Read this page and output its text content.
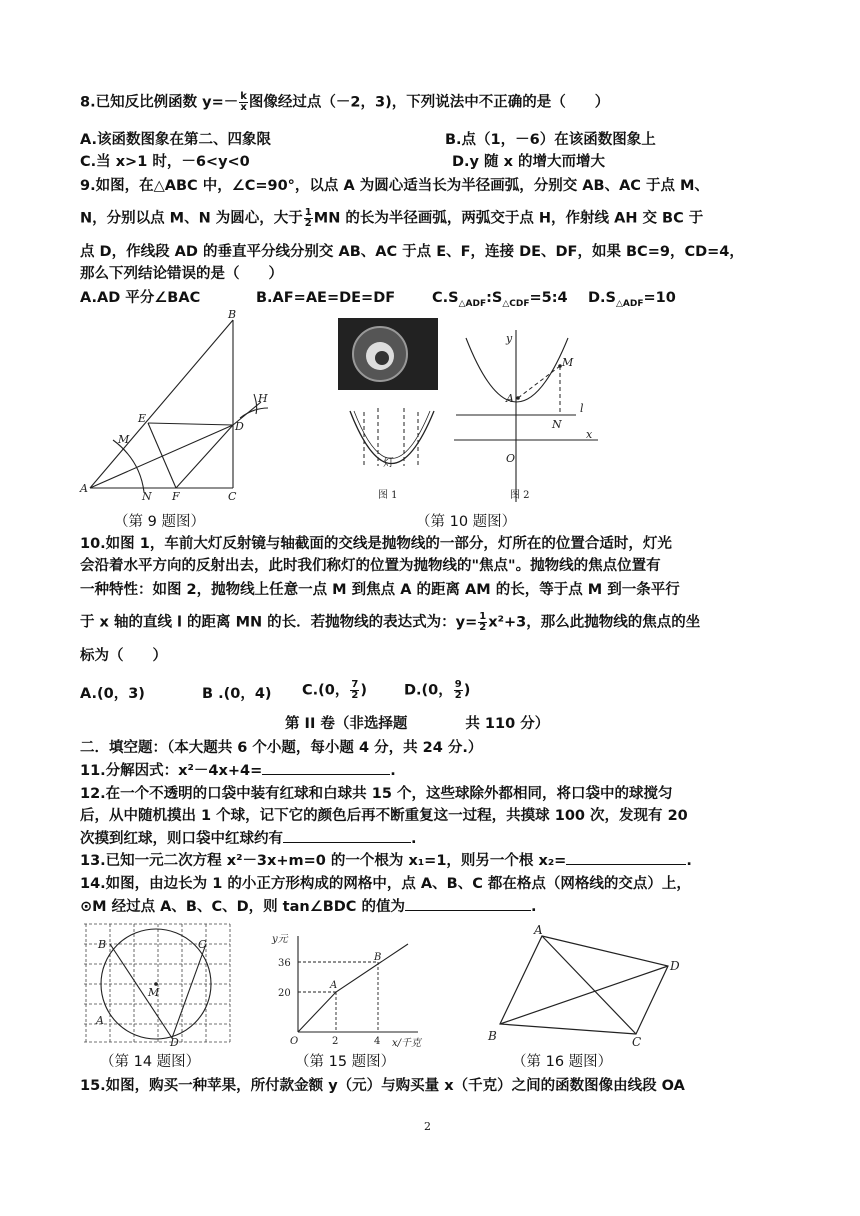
8.已知反比例函数 $y=- \frac{k}{x}$ 图像经过点（－2，3)，下列说法中不正确的是（　　）
A.该函数图象在第二、四象限	B.点（1，－6）在该函数图象上
C.当 x>1 时，－6<y<0	D.y 随 x 的增大而增大
9.如图，在△ABC 中，∠C=90°，以点 A 为圆心适当长为半径画弧，分别交 AB、AC 于点 M、
N，分别以点 M、N 为圆心，大于 $\frac{1}{2}$ MN 的长为半径画弧，两弧交于点 H，作射线 AH 交 BC 于
点 D，作线段 AD 的垂直平分线分别交 AB、AC 于点 E、F，连接 DE、DF，如果 BC=9，CD=4，
那么下列结论错误的是（　　）
A.AD 平分∠BAC	B.AF=AE=DE=DF	$C.S_{\triangle ADF}:S_{\triangle CDF}=5:4$ $D.S_{\triangle ADF}=10$
B
E
D
H
M
A
N F	C
（第 9 题图）
灯
y
M
A
l
N
x
O
图 1	图 2
（第 10 题图）
10.如图 1，车前大灯反射镜与轴截面的交线是抛物线的一部分，灯所在的位置合适时，灯光
会沿着水平方向的反射出去，此时我们称灯的位置为抛物线的"焦点"。抛物线的焦点位置有
一种特性：如图 2，抛物线上任意一点 M 到焦点 A 的距离 AM 的长，等于点 M 到一条平行
于 x 轴的直线 l 的距离 MN 的长．若抛物线的表达式为：$y= \frac{1}{2} x^2+3$，那么此抛物线的焦点的坐
标为（　　）
A.(0，3)	B .(0，4) C.(0， $\frac{7}{2}$ )	D.(0， $\frac{9}{2}$ )
第 II 卷（非选择题　　　　共 110 分）
二．填空题：（本大题共 6 个小题，每小题 4 分，共 24 分.）
11.分解因式：x²－4x+4=	.
12.在一个不透明的口袋中装有红球和白球共 15 个，这些球除外都相同，将口袋中的球搅匀
后，从中随机摸出 1 个球，记下它的颜色后再不断重复这一过程，共摸球 100 次，发现有 20
次摸到红球，则口袋中红球约有	.
13.已知一元二次方程 x²－3x+m=0 的一个根为 x₁=1，则另一个根 x₂=	.
14.如图，由边长为 1 的小正方形构成的网格中，点 A、B、C 都在格点（网格线的交点）上，
⊙M 经过点 A、B、C、D，则 tan∠BDC 的值为	.
B	C
M
A
D
（第 14 题图）
y元
B
A
36
20
O	2	4 x/千克
（第 15 题图）
A
D
B	C
（第 16 题图）
15.如图，购买一种苹果，所付款金额 y（元）与购买量 x（千克）之间的函数图像由线段 OA
2
